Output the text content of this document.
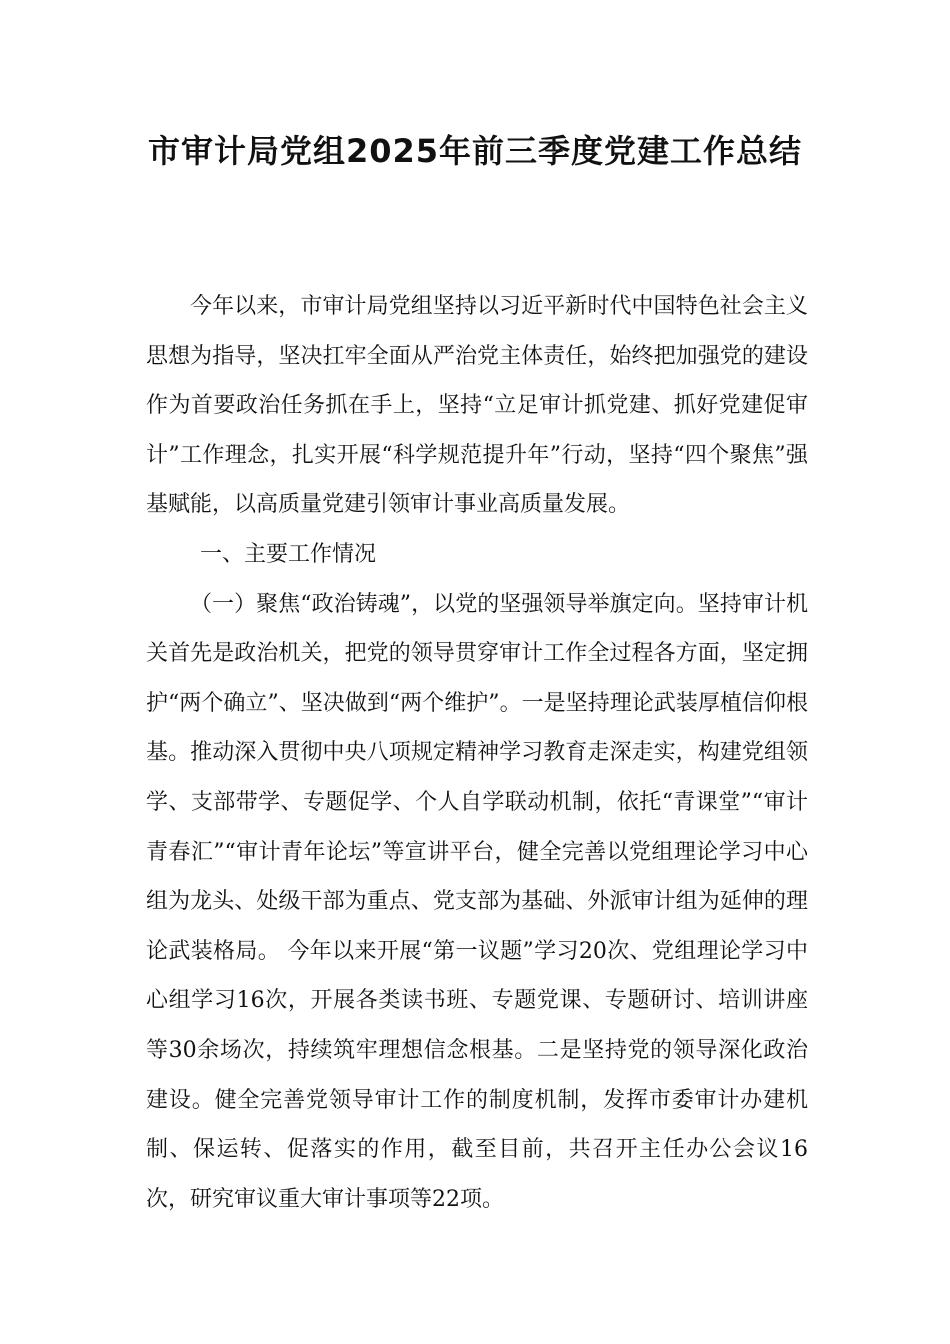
市审计局党组2025年前三季度党建工作总结

今年以来，市审计局党组坚持以习近平新时代中国特色社会主义思想为指导，坚决扛牢全面从严治党主体责任，始终把加强党的建设作为首要政治任务抓在手上，坚持“立足审计抓党建、抓好党建促审计”工作理念，扎实开展“科学规范提升年”行动，坚持“四个聚焦”强基赋能，以高质量党建引领审计事业高质量发展。

一、主要工作情况

（一）聚焦“政治铸魂”，以党的坚强领导举旗定向。坚持审计机关首先是政治机关，把党的领导贯穿审计工作全过程各方面，坚定拥护“两个确立”、坚决做到“两个维护”。一是坚持理论武装厚植信仰根基。推动深入贯彻中央八项规定精神学习教育走深走实，构建党组领学、支部带学、专题促学、个人自学联动机制，依托“青课堂”“审计青春汇”“审计青年论坛”等宣讲平台，健全完善以党组理论学习中心组为龙头、处级干部为重点、党支部为基础、外派审计组为延伸的理论武装格局。 今年以来开展“第一议题”学习20次、党组理论学习中心组学习16次，开展各类读书班、专题党课、专题研讨、培训讲座等30余场次，持续筑牢理想信念根基。二是坚持党的领导深化政治建设。健全完善党领导审计工作的制度机制，发挥市委审计办建机制、保运转、促落实的作用，截至目前，共召开主任办公会议16次，研究审议重大审计事项等22项。
